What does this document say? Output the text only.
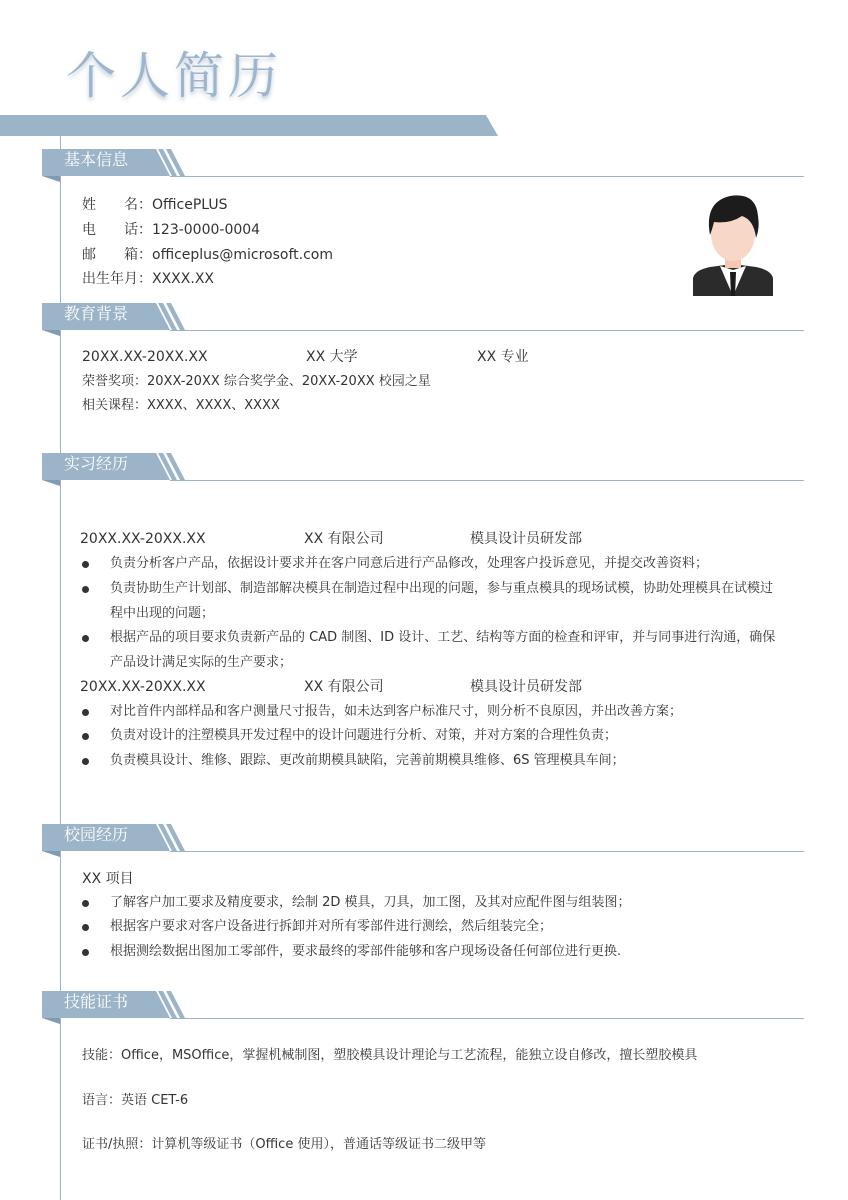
个人简历
基本信息
姓　　名：OfficePLUS
电　　话：123-0000-0004
邮　　箱：officeplus@microsoft.com
出生年月：XXXX.XX
教育背景
20XX.XX-20XX.XX	XX 大学	XX 专业
荣誉奖项：20XX-20XX 综合奖学金、20XX-20XX 校园之星
相关课程：XXXX、XXXX、XXXX
实习经历
20XX.XX-20XX.XX	XX 有限公司	模具设计员研发部
负责分析客户产品，依据设计要求并在客户同意后进行产品修改，处理客户投诉意见，并提交改善资料；
负责协助生产计划部、制造部解决模具在制造过程中出现的问题，参与重点模具的现场试模，协助处理模具在试模过程中出现的问题；
根据产品的项目要求负责新产品的 CAD 制图、ID 设计、工艺、结构等方面的检查和评审，并与同事进行沟通，确保产品设计满足实际的生产要求；
20XX.XX-20XX.XX	XX 有限公司	模具设计员研发部
对比首件内部样品和客户测量尺寸报告，如未达到客户标准尺寸，则分析不良原因，并出改善方案；
负责对设计的注塑模具开发过程中的设计问题进行分析、对策，并对方案的合理性负责；
负责模具设计、维修、跟踪、更改前期模具缺陷，完善前期模具维修、6S 管理模具车间；
校园经历
XX 项目
了解客户加工要求及精度要求，绘制 2D 模具，刀具，加工图，及其对应配件图与组装图；
根据客户要求对客户设备进行拆卸并对所有零部件进行测绘，然后组装完全；
根据测绘数据出图加工零部件，要求最终的零部件能够和客户现场设备任何部位进行更换.
技能证书
技能：Office，MSOffice，掌握机械制图，塑胶模具设计理论与工艺流程，能独立设自修改，擅长塑胶模具
语言：英语 CET-6
证书/执照：计算机等级证书（Office 使用），普通话等级证书二级甲等
